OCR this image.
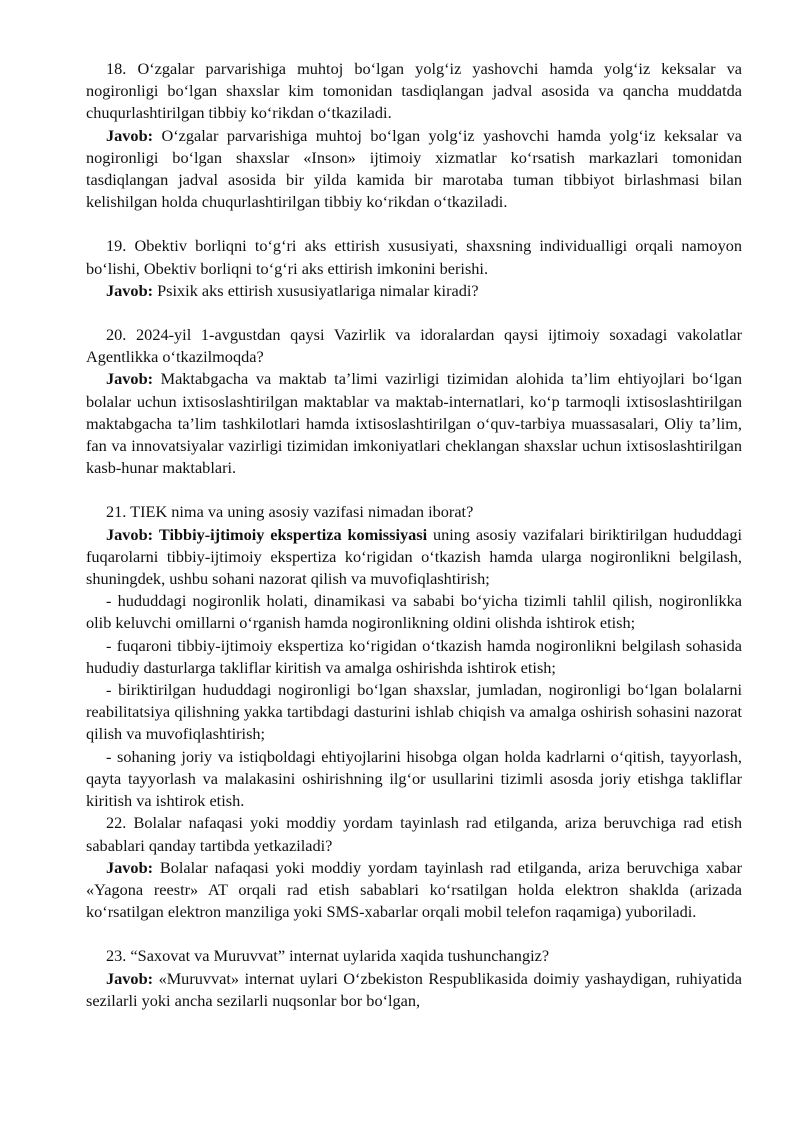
18. O‘zgalar parvarishiga muhtoj bo‘lgan yolg‘iz yashovchi hamda yolg‘iz keksalar va nogironligi bo‘lgan shaxslar kim tomonidan tasdiqlangan jadval asosida va qancha muddatda chuqurlashtirilgan tibbiy ko‘rikdan o‘tkaziladi.

Javob: O‘zgalar parvarishiga muhtoj bo‘lgan yolg‘iz yashovchi hamda yolg‘iz keksalar va nogironligi bo‘lgan shaxslar «Inson» ijtimoiy xizmatlar ko‘rsatish markazlari tomonidan tasdiqlangan jadval asosida bir yilda kamida bir marotaba tuman tibbiyot birlashmasi bilan kelishilgan holda chuqurlashtirilgan tibbiy ko‘rikdan o‘tkaziladi.

19. Obektiv borliqni to‘g‘ri aks ettirish xususiyati, shaxsning individualligi orqali namoyon bo‘lishi, Obektiv borliqni to‘g‘ri aks ettirish imkonini berishi.

Javob: Psixik aks ettirish xususiyatlariga nimalar kiradi?

20. 2024-yil 1-avgustdan qaysi Vazirlik va idoralardan qaysi ijtimoiy soxadagi vakolatlar Agentlikka o‘tkazilmoqda?

Javob: Maktabgacha va maktab ta’limi vazirligi tizimidan alohida ta’lim ehtiyojlari bo‘lgan bolalar uchun ixtisoslashtirilgan maktablar va maktab-internatlari, ko‘p tarmoqli ixtisoslashtirilgan maktabgacha ta’lim tashkilotlari hamda ixtisoslashtirilgan o‘quv-tarbiya muassasalari, Oliy ta’lim, fan va innovatsiyalar vazirligi tizimidan imkoniyatlari cheklangan shaxslar uchun ixtisoslashtirilgan kasb-hunar maktablari.

21. TIEK nima va uning asosiy vazifasi nimadan iborat?

Javob: Tibbiy-ijtimoiy ekspertiza komissiyasi uning asosiy vazifalari biriktirilgan hududdagi fuqarolarni tibbiy-ijtimoiy ekspertiza ko‘rigidan o‘tkazish hamda ularga nogironlikni belgilash, shuningdek, ushbu sohani nazorat qilish va muvofiqlashtirish;

- hududdagi nogironlik holati, dinamikasi va sababi bo‘yicha tizimli tahlil qilish, nogironlikka olib keluvchi omillarni o‘rganish hamda nogironlikning oldini olishda ishtirok etish;

- fuqaroni tibbiy-ijtimoiy ekspertiza ko‘rigidan o‘tkazish hamda nogironlikni belgilash sohasida hududiy dasturlarga takliflar kiritish va amalga oshirishda ishtirok etish;

- biriktirilgan hududdagi nogironligi bo‘lgan shaxslar, jumladan, nogironligi bo‘lgan bolalarni reabilitatsiya qilishning yakka tartibdagi dasturini ishlab chiqish va amalga oshirish sohasini nazorat qilish va muvofiqlashtirish;

- sohaning joriy va istiqboldagi ehtiyojlarini hisobga olgan holda kadrlarni o‘qitish, tayyorlash, qayta tayyorlash va malakasini oshirishning ilg‘or usullarini tizimli asosda joriy etishga takliflar kiritish va ishtirok etish.

22. Bolalar nafaqasi yoki moddiy yordam tayinlash rad etilganda, ariza beruvchiga rad etish sabablari qanday tartibda yetkaziladi?

Javob: Bolalar nafaqasi yoki moddiy yordam tayinlash rad etilganda, ariza beruvchiga xabar «Yagona reestr» AT orqali rad etish sabablari ko‘rsatilgan holda elektron shaklda (arizada ko‘rsatilgan elektron manziliga yoki SMS-xabarlar orqali mobil telefon raqamiga) yuboriladi.

23. “Saxovat va Muruvvat” internat uylarida xaqida tushunchangiz?

Javob: «Muruvvat» internat uylari O‘zbekiston Respublikasida doimiy yashaydigan, ruhiyatida sezilarli yoki ancha sezilarli nuqsonlar bor bo‘lgan,
